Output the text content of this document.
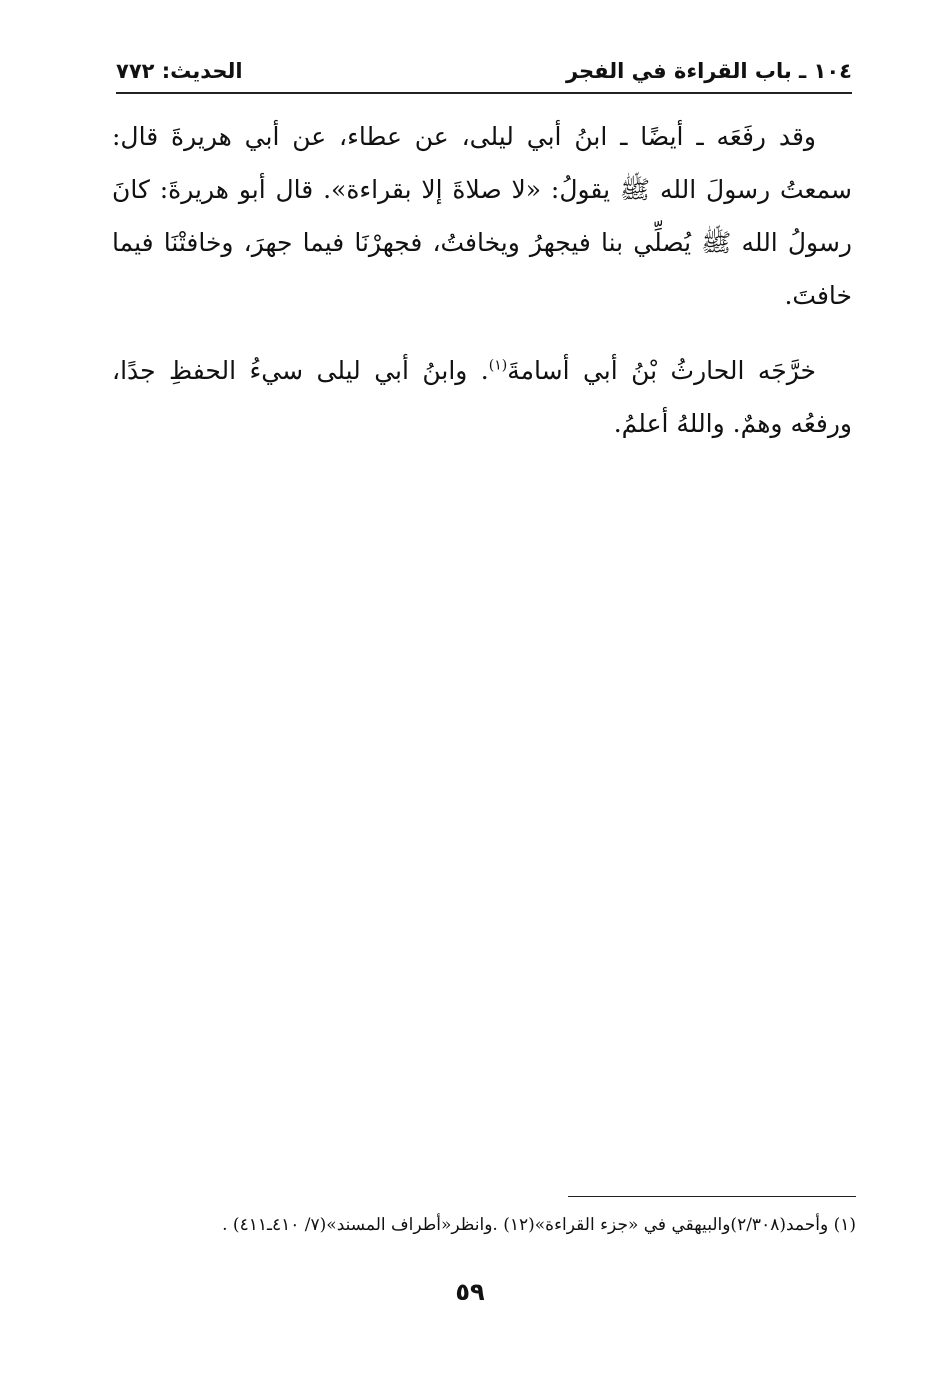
١٠٤ ـ باب القراءة في الفجر
الحديث: ٧٧٢

وقد رفَعَه ـ أيضًا ـ ابنُ أبي ليلى، عن عطاء، عن أبي هريرةَ قال: سمعتُ رسولَ الله ﷺ يقولُ: «لا صلاةَ إلا بقراءة». قال أبو هريرةَ: كانَ رسولُ الله ﷺ يُصلِّي بنا فيجهرُ ويخافتُ، فجهرْنَا فيما جهرَ، وخافتْنَا فيما خافتَ.

خرَّجَه الحارثُ بْنُ أبي أسامةَ$^{(١)}$. وابنُ أبي ليلى سيءُ الحفظِ جدًا، ورفعُه وهمٌ. واللهُ أعلمُ.

(١) وأحمد(٢/٣٠٨)والبيهقي في «جزء القراءة»(١٢) .وانظر«أطراف المسند»(٧/ ٤١٠ـ٤١١) .
٥٩
